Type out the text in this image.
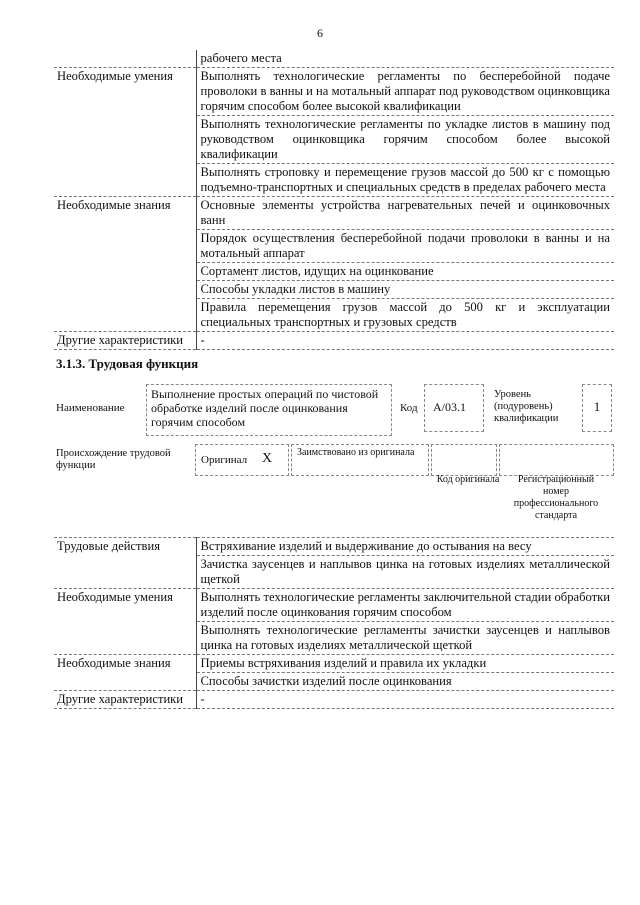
6
	рабочего места
Необходимые умения	Выполнять технологические регламенты по бесперебойной подаче проволоки в ванны и на мотальный аппарат под руководством оцинковщика горячим способом более высокой квалификации
	Выполнять технологические регламенты по укладке листов в машину под руководством оцинковщика горячим способом более высокой квалификации
	Выполнять строповку и перемещение грузов массой до 500 кг с помощью подъемно-транспортных и специальных средств в пределах рабочего места
Необходимые знания	Основные элементы устройства нагревательных печей и оцинковочных ванн
	Порядок осуществления бесперебойной подачи проволоки в ванны и на мотальный аппарат
	Сортамент листов, идущих на оцинкование
	Способы укладки листов в машину
	Правила перемещения грузов массой до 500 кг и эксплуатации специальных транспортных и грузовых средств
Другие характеристики	-
3.1.3. Трудовая функция
Наименование
Выполнение простых операций по чистовой обработке изделий после оцинкования горячим способом
Код	А/03.1
Уровень (подуровень) квалификации
1
Происхождение трудовой функции	Оригинал X Заимствовано из оригинала
Код оригинала	Регистрационный номер профессионального стандарта
Трудовые действия	Встряхивание изделий и выдерживание до остывания на весу
	Зачистка заусенцев и наплывов цинка на готовых изделиях металлической щеткой
Необходимые умения	Выполнять технологические регламенты заключительной стадии обработки изделий после оцинкования горячим способом
	Выполнять технологические регламенты зачистки заусенцев и наплывов цинка на готовых изделиях металлической щеткой
Необходимые знания	Приемы встряхивания изделий и правила их укладки
	Способы зачистки изделий после оцинкования
Другие характеристики	-
